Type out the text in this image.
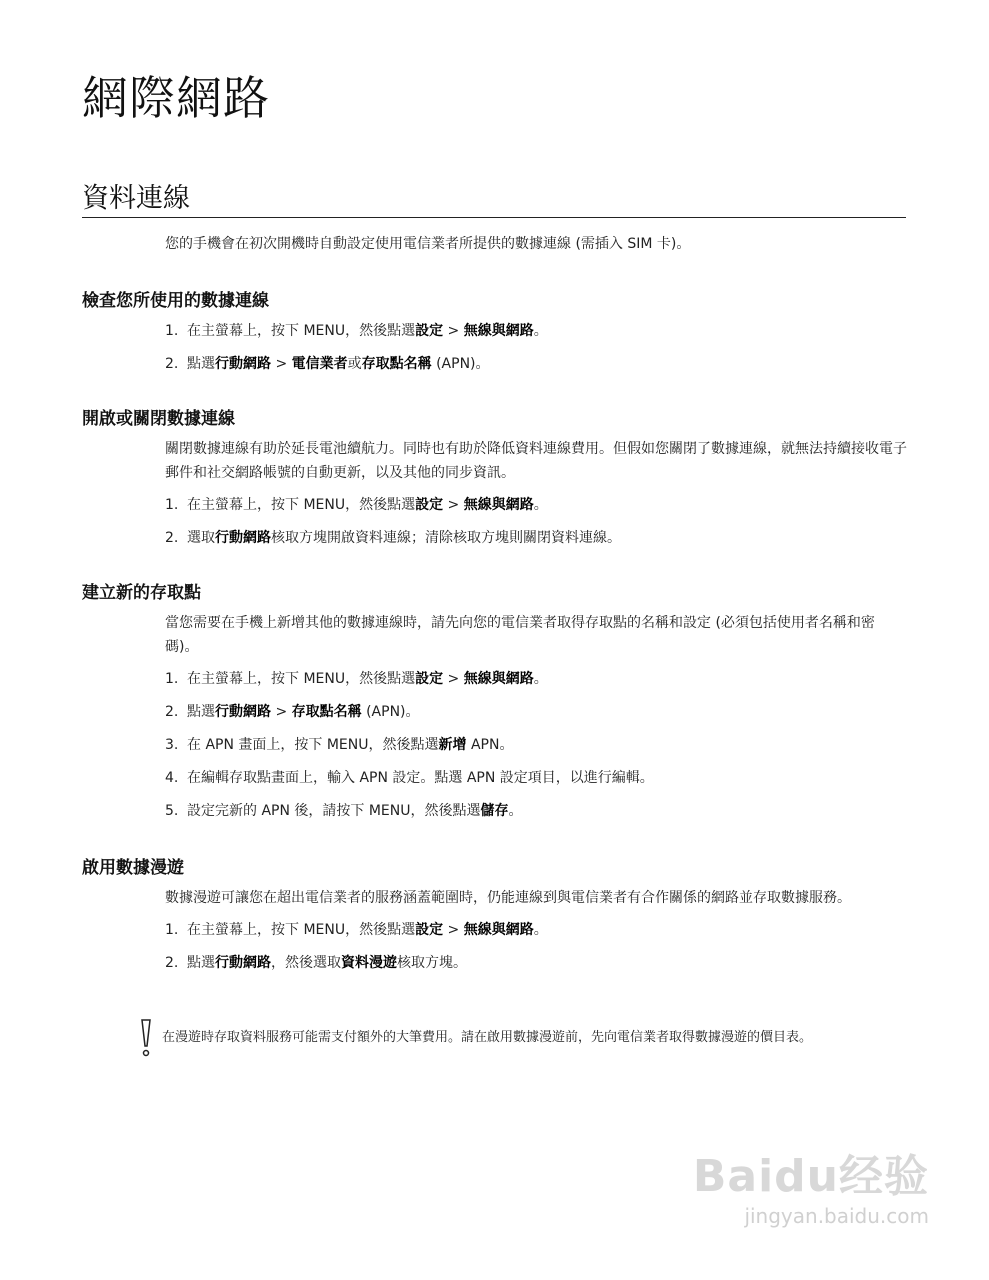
網際網路
資料連線
您的手機會在初次開機時自動設定使用電信業者所提供的數據連線 (需插入 SIM 卡)。
檢查您所使用的數據連線
1. 在主螢幕上，按下 MENU，然後點選設定 > 無線與網路。
2. 點選行動網路 > 電信業者或存取點名稱 (APN)。
開啟或關閉數據連線
關閉數據連線有助於延長電池續航力。同時也有助於降低資料連線費用。但假如您關閉了數據連線，就無法持續接收電子郵件和社交網路帳號的自動更新，以及其他的同步資訊。
1. 在主螢幕上，按下 MENU，然後點選設定 > 無線與網路。
2. 選取行動網路核取方塊開啟資料連線；清除核取方塊則關閉資料連線。
建立新的存取點
當您需要在手機上新增其他的數據連線時，請先向您的電信業者取得存取點的名稱和設定 (必須包括使用者名稱和密碼)。
1. 在主螢幕上，按下 MENU，然後點選設定 > 無線與網路。
2. 點選行動網路 > 存取點名稱 (APN)。
3. 在 APN 畫面上，按下 MENU，然後點選新增 APN。
4. 在編輯存取點畫面上，輸入 APN 設定。點選 APN 設定項目，以進行編輯。
5. 設定完新的 APN 後，請按下 MENU，然後點選儲存。
啟用數據漫遊
數據漫遊可讓您在超出電信業者的服務涵蓋範圍時，仍能連線到與電信業者有合作關係的網路並存取數據服務。
1. 在主螢幕上，按下 MENU，然後點選設定 > 無線與網路。
2. 點選行動網路，然後選取資料漫遊核取方塊。
在漫遊時存取資料服務可能需支付額外的大筆費用。請在啟用數據漫遊前，先向電信業者取得數據漫遊的價目表。
Baidu经验
jingyan.baidu.com
